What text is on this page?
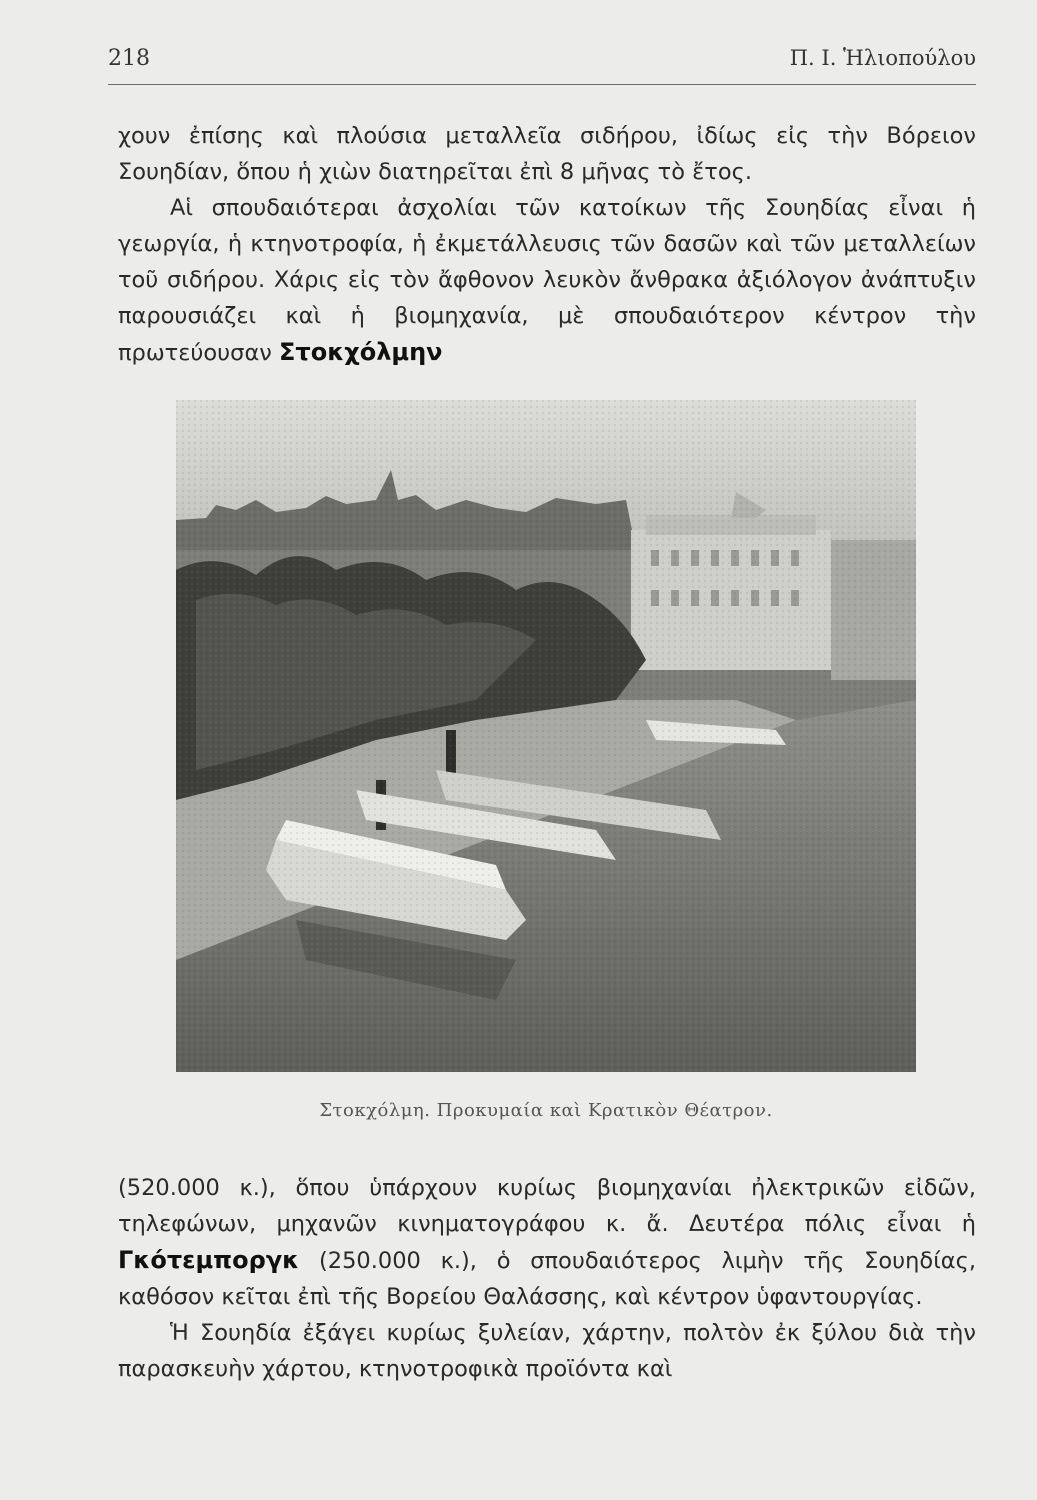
218	Π. Ι. Ἡλιοπούλου

χουν ἐπίσης καὶ πλούσια μεταλλεῖα σιδήρου, ἰδίως εἰς τὴν Βόρειον Σουηδίαν, ὅπου ἡ χιὼν διατηρεῖται ἐπὶ 8 μῆνας τὸ ἔτος.

Αἱ σπουδαιότεραι ἀσχολίαι τῶν κατοίκων τῆς Σουηδίας εἶναι ἡ γεωργία, ἡ κτηνοτροφία, ἡ ἐκμετάλλευσις τῶν δασῶν καὶ τῶν μεταλλείων τοῦ σιδήρου. Χάρις εἰς τὸν ἄφθονον λευκὸν ἄνθρακα ἀξιόλογον ἀνάπτυξιν παρουσιάζει καὶ ἡ βιομηχανία, μὲ σπουδαιότερον κέντρον τὴν πρωτεύουσαν Στοκχόλμην

Στοκχόλμη. Προκυμαία καὶ Κρατικὸν Θέατρον.

(520.000 κ.), ὅπου ὑπάρχουν κυρίως βιομηχανίαι ἠλεκτρικῶν εἰδῶν, τηλεφώνων, μηχανῶν κινηματογράφου κ. ἄ. Δευτέρα πόλις εἶναι ἡ Γκότεμποργκ (250.000 κ.), ὁ σπουδαιότερος λιμὴν τῆς Σουηδίας, καθόσον κεῖται ἐπὶ τῆς Βορείου Θαλάσσης, καὶ κέντρον ὑφαντουργίας.

Ἡ Σουηδία ἐξάγει κυρίως ξυλείαν, χάρτην, πολτὸν ἐκ ξύλου διὰ τὴν παρασκευὴν χάρτου, κτηνοτροφικὰ προϊόντα καὶ
